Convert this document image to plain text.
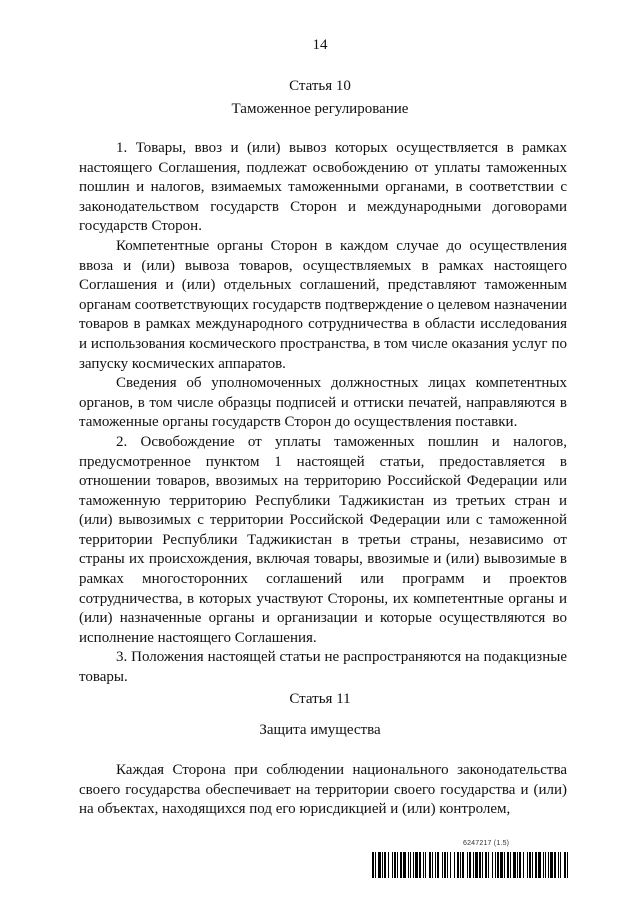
14
Статья 10
Таможенное регулирование

1. Товары, ввоз и (или) вывоз которых осуществляется в рамках настоящего Соглашения, подлежат освобождению от уплаты таможенных пошлин и налогов, взимаемых таможенными органами, в соответствии с законодательством государств Сторон и международными договорами государств Сторон.

Компетентные органы Сторон в каждом случае до осуществления ввоза и (или) вывоза товаров, осуществляемых в рамках настоящего Соглашения и (или) отдельных соглашений, представляют таможенным органам соответствующих государств подтверждение о целевом назначении товаров в рамках международного сотрудничества в области исследования и использования космического пространства, в том числе оказания услуг по запуску космических аппаратов.

Сведения об уполномоченных должностных лицах компетентных органов, в том числе образцы подписей и оттиски печатей, направляются в таможенные органы государств Сторон до осуществления поставки.

2. Освобождение от уплаты таможенных пошлин и налогов, предусмотренное пунктом 1 настоящей статьи, предоставляется в отношении товаров, ввозимых на территорию Российской Федерации или таможенную территорию Республики Таджикистан из третьих стран и (или) вывозимых с территории Российской Федерации или с таможенной территории Республики Таджикистан в третьи страны, независимо от страны их происхождения, включая товары, ввозимые и (или) вывозимые в рамках многосторонних соглашений или программ и проектов сотрудничества, в которых участвуют Стороны, их компетентные органы и (или) назначенные органы и организации и которые осуществляются во исполнение настоящего Соглашения.

3. Положения настоящей статьи не распространяются на подакцизные товары.

Статья 11
Защита имущества

Каждая Сторона при соблюдении национального законодательства своего государства обеспечивает на территории своего государства и (или) на объектах, находящихся под его юрисдикцией и (или) контролем,

6247217 (1.5)
